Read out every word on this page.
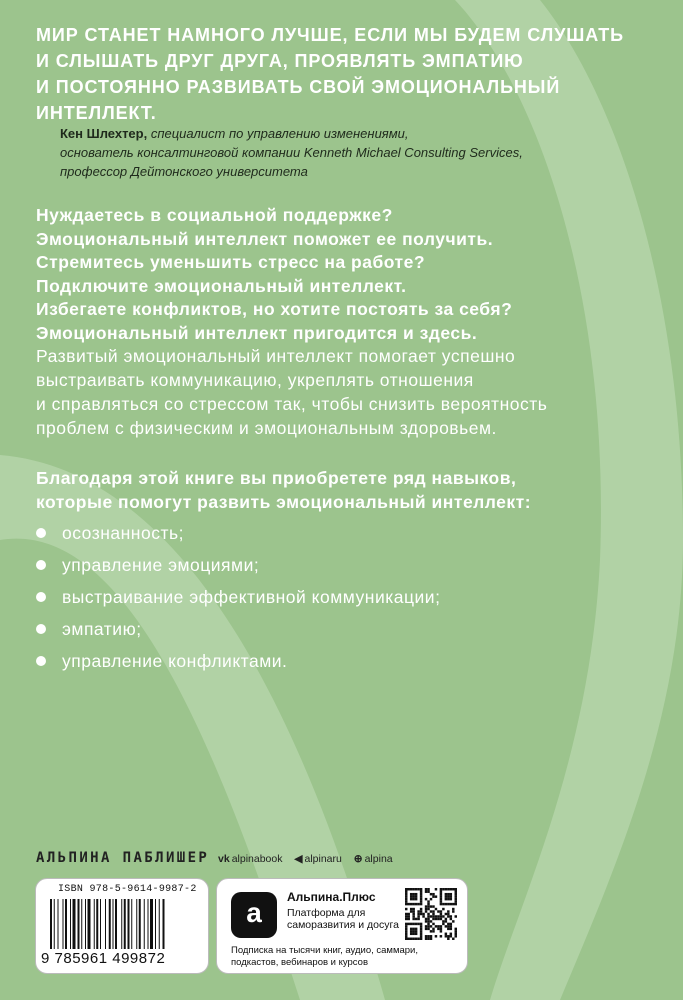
МИР СТАНЕТ НАМНОГО ЛУЧШЕ, ЕСЛИ МЫ БУДЕМ СЛУШАТЬ
И СЛЫШАТЬ ДРУГ ДРУГА, ПРОЯВЛЯТЬ ЭМПАТИЮ
И ПОСТОЯННО РАЗВИВАТЬ СВОЙ ЭМОЦИОНАЛЬНЫЙ
ИНТЕЛЛЕКТ.
Кен Шлехтер, специалист по управлению изменениями,
основатель консалтинговой компании Kenneth Michael Consulting Services,
профессор Дейтонского университета
Нуждаетесь в социальной поддержке?
Эмоциональный интеллект поможет ее получить.
Стремитесь уменьшить стресс на работе?
Подключите эмоциональный интеллект.
Избегаете конфликтов, но хотите постоять за себя?
Эмоциональный интеллект пригодится и здесь.
Развитый эмоциональный интеллект помогает успешно
выстраивать коммуникацию, укреплять отношения
и справляться со стрессом так, чтобы снизить вероятность
проблем с физическим и эмоциональным здоровьем.
Благодаря этой книге вы приобретете ряд навыков,
которые помогут развить эмоциональный интеллект:
осознанность;
управление эмоциями;
выстраивание эффективной коммуникации;
эмпатию;
управление конфликтами.
АЛЬПИНА ПАБЛИШЕР vk alpinabook ◀ alpinaru ⊕ alpina
ISBN 978-5-9614-9987-2
9 785961 499872
a	Альпина.Плюс
Платформа для саморазвития и досуга
Подписка на тысячи книг, аудио, саммари, подкастов, вебинаров и курсов
